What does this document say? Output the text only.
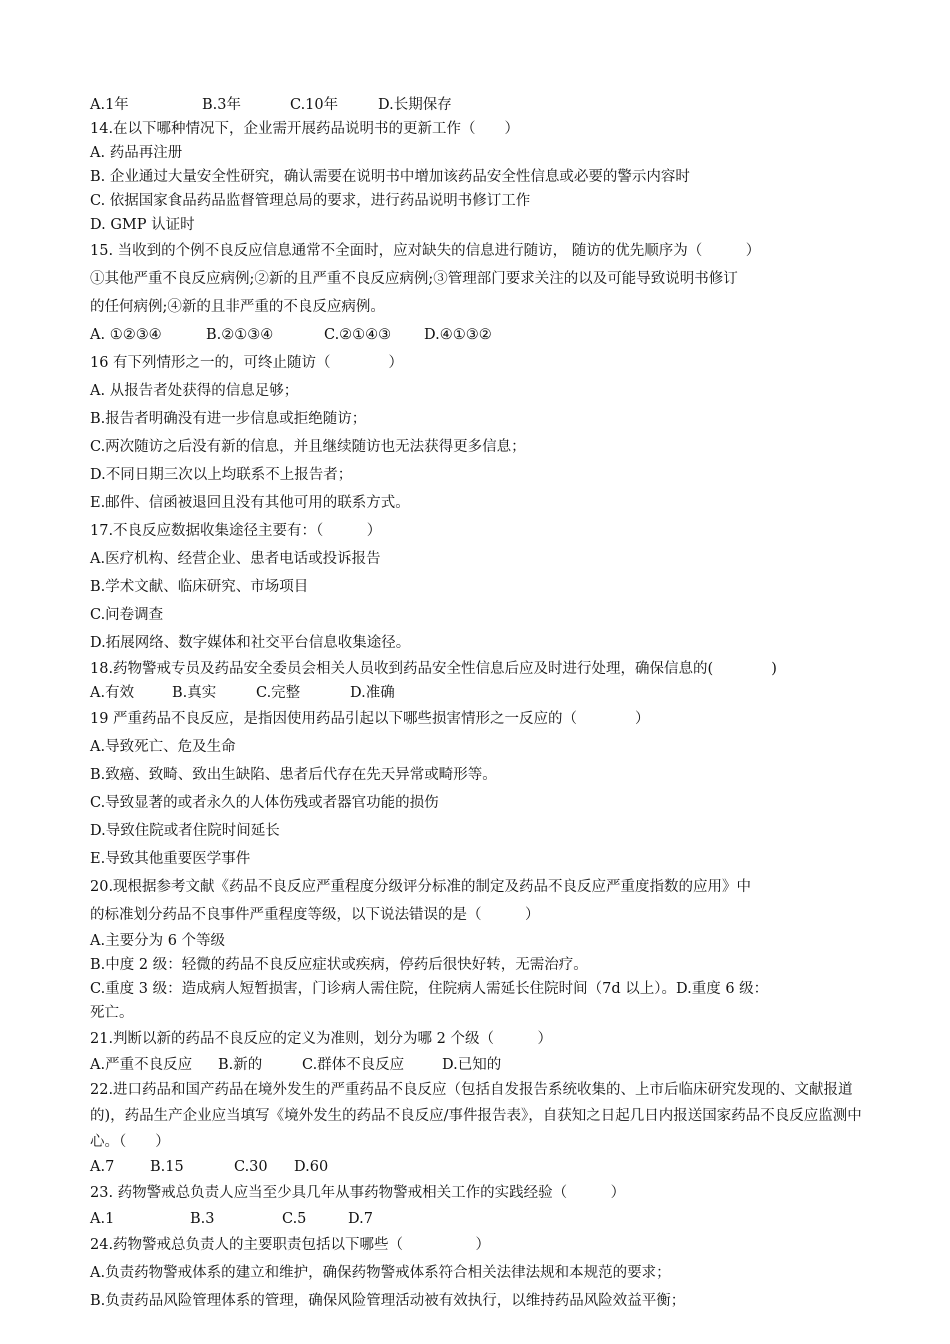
A.1年	B.3年	C.10年	D.长期保存

14.在以下哪种情况下，企业需开展药品说明书的更新工作（　　）

A. 药品再注册

B. 企业通过大量安全性研究，确认需要在说明书中增加该药品安全性信息或必要的警示内容时

C. 依据国家食品药品监督管理总局的要求，进行药品说明书修订工作

D. GMP 认证时

15. 当收到的个例不良反应信息通常不全面时，应对缺失的信息进行随访， 随访的优先顺序为（　　　）

①其他严重不良反应病例;②新的且严重不良反应病例;③管理部门要求关注的以及可能导致说明书修订

的任何病例;④新的且非严重的不良反应病例。

A. ①②③④	B.②①③④	C.②①④③ D.④①③②

16 有下列情形之一的，可终止随访（　　　　）

A. 从报告者处获得的信息足够；

B.报告者明确没有进一步信息或拒绝随访；

C.两次随访之后没有新的信息，并且继续随访也无法获得更多信息；

D.不同日期三次以上均联系不上报告者；

E.邮件、信函被退回且没有其他可用的联系方式。

17.不良反应数据收集途径主要有：（　　　）

A.医疗机构、经营企业、患者电话或投诉报告

B.学术文献、临床研究、市场项目

C.问卷调查

D.拓展网络、数字媒体和社交平台信息收集途径。

18.药物警戒专员及药品安全委员会相关人员收到药品安全性信息后应及时进行处理，确保信息的(　　　　)

A.有效	B.真实	C.完整	D.准确

19 严重药品不良反应，是指因使用药品引起以下哪些损害情形之一反应的（　　　　）

A.导致死亡、危及生命

B.致癌、致畸、致出生缺陷、患者后代存在先天异常或畸形等。

C.导致显著的或者永久的人体伤残或者器官功能的损伤

D.导致住院或者住院时间延长

E.导致其他重要医学事件

20.现根据参考文献《药品不良反应严重程度分级评分标准的制定及药品不良反应严重度指数的应用》中

的标准划分药品不良事件严重程度等级，以下说法错误的是（　　　）

A.主要分为 6 个等级

B.中度 2 级：轻微的药品不良反应症状或疾病，停药后很快好转，无需治疗。

C.重度 3 级：造成病人短暂损害，门诊病人需住院，住院病人需延长住院时间（7d 以上）。D.重度 6 级：

死亡。

21.判断以新的药品不良反应的定义为准则，划分为哪 2 个级（　　　）

A.严重不良反应 B.新的	C.群体不良反应	D.已知的

22.进口药品和国产药品在境外发生的严重药品不良反应（包括自发报告系统收集的、上市后临床研究发现的、文献报道的)，药品生产企业应当填写《境外发生的药品不良反应/事件报告表》，自获知之日起几日内报送国家药品不良反应监测中心。（　　）

A.7 B.15	C.30 D.60

23. 药物警戒总负责人应当至少具几年从事药物警戒相关工作的实践经验（　　　）

A.1	B.3	C.5	D.7

24.药物警戒总负责人的主要职责包括以下哪些（　　　　　）

A.负责药物警戒体系的建立和维护，确保药物警戒体系符合相关法律法规和本规范的要求；

B.负责药品风险管理体系的管理，确保风险管理活动被有效执行，以维持药品风险效益平衡；
